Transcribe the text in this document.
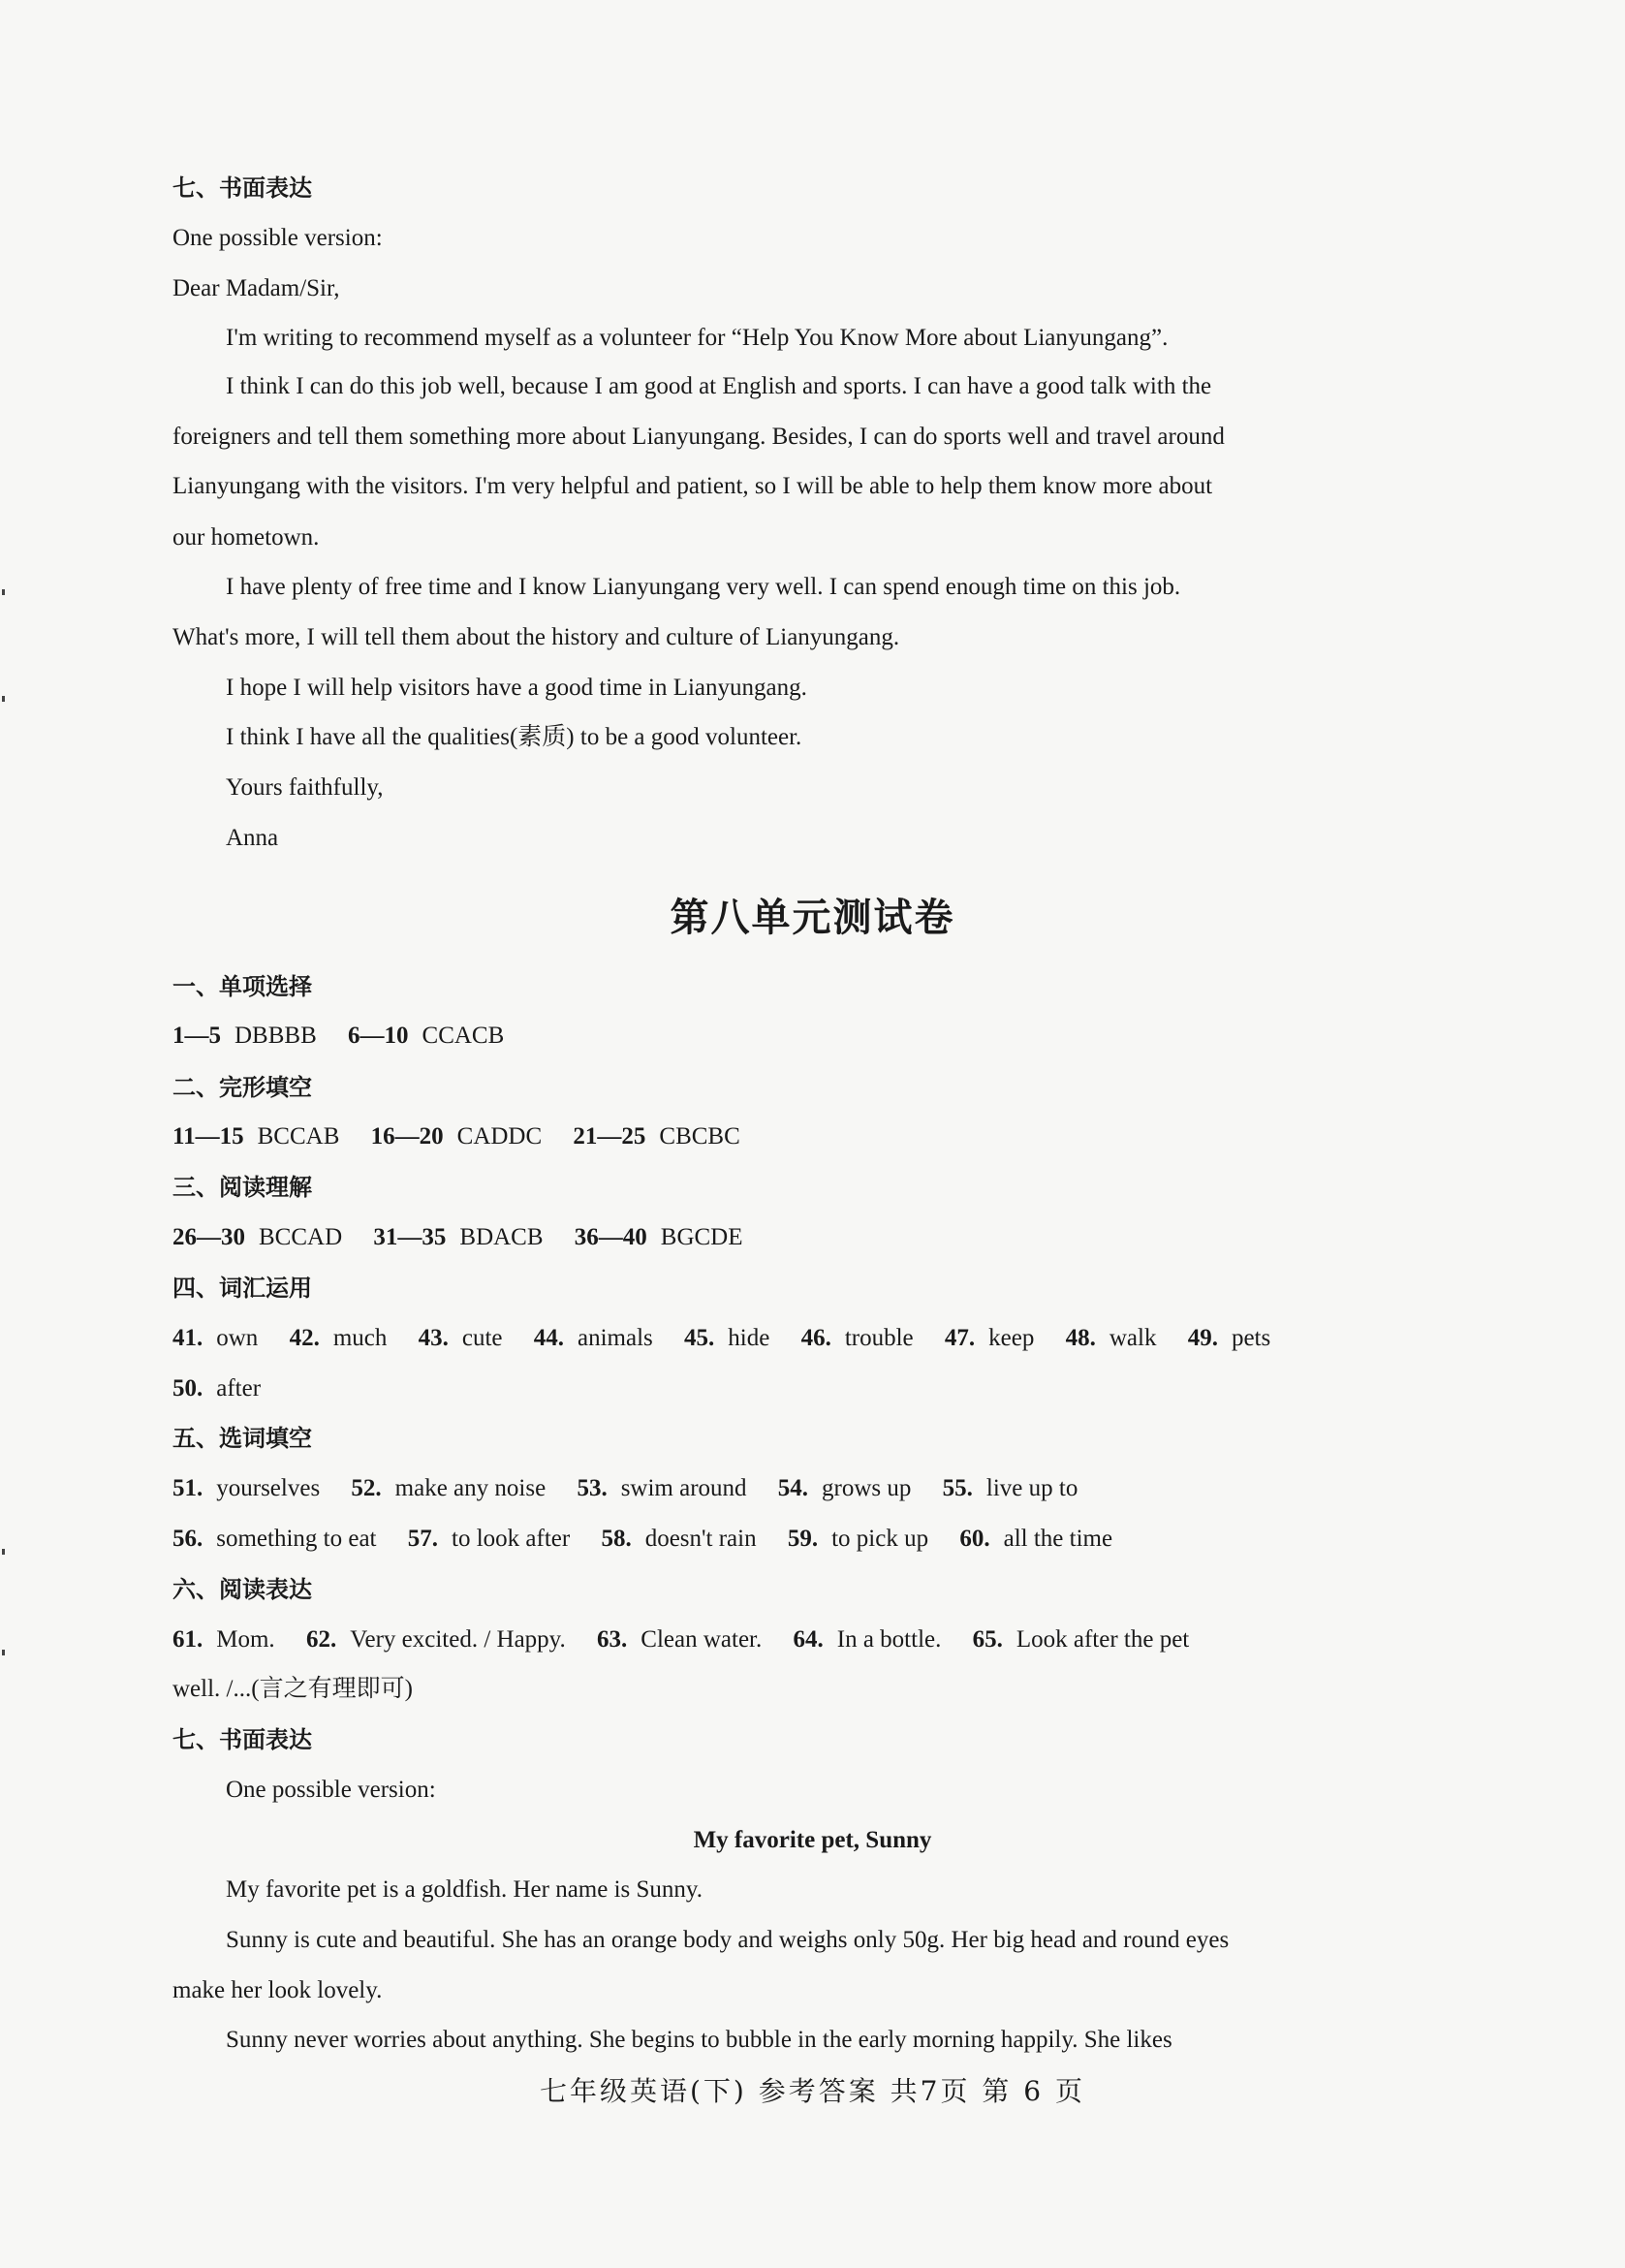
七、书面表达
One possible version:
Dear Madam/Sir,
I'm writing to recommend myself as a volunteer for “Help You Know More about Lianyungang”.
I think I can do this job well, because I am good at English and sports. I can have a good talk with the
foreigners and tell them something more about Lianyungang. Besides, I can do sports well and travel around
Lianyungang with the visitors. I'm very helpful and patient, so I will be able to help them know more about
our hometown.
I have plenty of free time and I know Lianyungang very well. I can spend enough time on this job.
What's more, I will tell them about the history and culture of Lianyungang.
I hope I will help visitors have a good time in Lianyungang.
I think I have all the qualities(素质) to be a good volunteer.
Yours faithfully,
Anna
第八单元测试卷
一、单项选择
1—5 DBBBB 6—10 CCACB
二、完形填空
11—15 BCCAB 16—20 CADDC 21—25 CBCBC
三、阅读理解
26—30 BCCAD 31—35 BDACB 36—40 BGCDE
四、词汇运用
41. own 42. much 43. cute 44. animals 45. hide 46. trouble 47. keep 48. walk 49. pets
50. after
五、选词填空
51. yourselves 52. make any noise 53. swim around 54. grows up 55. live up to
56. something to eat 57. to look after 58. doesn't rain 59. to pick up 60. all the time
六、阅读表达
61. Mom. 62. Very excited. / Happy. 63. Clean water. 64. In a bottle. 65. Look after the pet
well. /...(言之有理即可)
七、书面表达
One possible version:
My favorite pet, Sunny
My favorite pet is a goldfish. Her name is Sunny.
Sunny is cute and beautiful. She has an orange body and weighs only 50g. Her big head and round eyes
make her look lovely.
Sunny never worries about anything. She begins to bubble in the early morning happily. She likes
七年级英语(下) 参考答案 共7页 第 6 页
